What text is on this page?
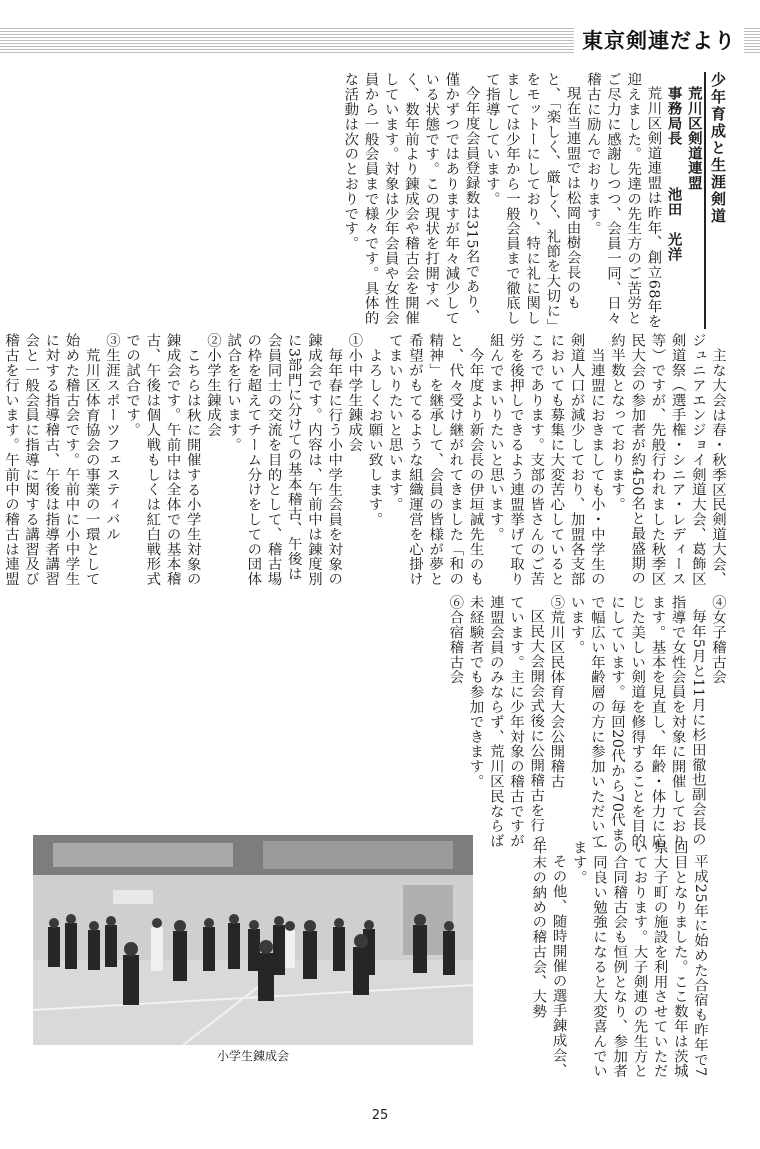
東京剣連だより

少年育成と生涯剣道

荒川区剣道連盟

事務局長　池田　光洋

荒川区剣道連盟は昨年、創立68年を迎えました。先達の先生方のご苦労とご尽力に感謝しつつ、会員一同、日々稽古に励んでおります。

現在当連盟では松岡由樹会長のもと、「楽しく、厳しく、礼節を大切に」をモットーにしており、特に礼に関しましては少年から一般会員まで徹底して指導しています。

今年度会員登録数は315名であり、僅かずつではありますが年々減少している状態です。この現状を打開すべく、数年前より錬成会や稽古会を開催しています。対象は少年会員や女性会員から一般会員まで様々です。具体的な活動は次のとおりです。

主な大会は春・秋季区民剣道大会、ジュニアエンジョイ剣道大会、葛飾区剣道祭（選手権・シニア・レディース等）ですが、先般行われました秋季区民大会の参加者が約450名と最盛期の約半数となっております。

当連盟におきましても小・中学生の剣道人口が減少しており、加盟各支部においても募集に大変苦心しているところであります。支部の皆さんのご苦労を後押しできるよう連盟挙げて取り組んでまいりたいと思います。

今年度より新会長の伊垣誠先生のもと、代々受け継がれてきました「和の精神」を継承して、会員の皆様が夢と希望がもてるような組織運営を心掛けてまいりたいと思います。

よろしくお願い致します。

①小中学生錬成会

毎年春に行う小中学生会員を対象の錬成会です。内容は、午前中は錬度別に3部門に分けての基本稽古、午後は会員同士の交流を目的として、稽古場の枠を超えてチーム分けをしての団体試合を行います。

②小学生錬成会

こちらは秋に開催する小学生対象の錬成会です。午前中は全体での基本稽古、午後は個人戦もしくは紅白戦形式での試合です。

③生涯スポーツフェスティバル

荒川区体育協会の事業の一環として始めた稽古会です。午前中に小中学生に対する指導稽古、午後は指導者講習会と一般会員に指導に関する講習及び稽古を行います。午前中の稽古は連盟

④女子稽古会

毎年5月と11月に杉田徹也副会長の指導で女性会員を対象に開催しております。基本を見直し、年齢・体力に応じた美しい剣道を修得することを目的にしています。毎回20代から70代まで幅広い年齢層の方に参加いただいています。

⑤荒川区民体育大会公開稽古

区民大会開会式後に公開稽古を行っています。主に少年対象の稽古ですが連盟会員のみならず、荒川区民ならば未経験者でも参加できます。

⑥合宿稽古会

平成25年に始めた合宿も昨年で7回目となりました。ここ数年は茨城県大子町の施設を利用させていただいております。大子剣連の先生方との合同稽古会も恒例となり、参加者一同良い勉強になると大変喜んでいます。

その他、随時開催の選手錬成会、年末の納めの稽古会、大勢

小学生錬成会
25
